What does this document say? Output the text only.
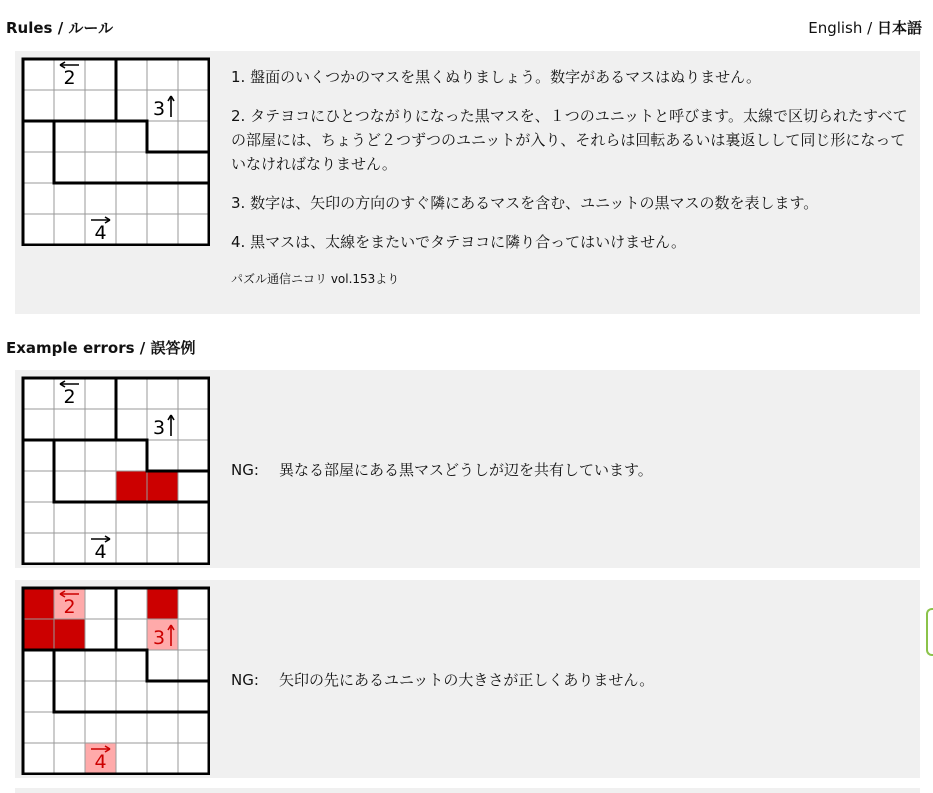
Rules / ルール	English / 日本語
2
3
4

1. 盤面のいくつかのマスを黒くぬりましょう。数字があるマスはぬりません。

2. タテヨコにひとつながりになった黒マスを、１つのユニットと呼びます。太線で区切られたすべての部屋には、ちょうど２つずつのユニットが入り、それらは回転あるいは裏返しして同じ形になっていなければなりません。

3. 数字は、矢印の方向のすぐ隣にあるマスを含む、ユニットの黒マスの数を表します。

4. 黒マスは、太線をまたいでタテヨコに隣り合ってはいけません。

パズル通信ニコリ vol.153より

Example errors / 誤答例
2
3
4
NG: 異なる部屋にある黒マスどうしが辺を共有しています。
2
3
4
NG: 矢印の先にあるユニットの大きさが正しくありません。
